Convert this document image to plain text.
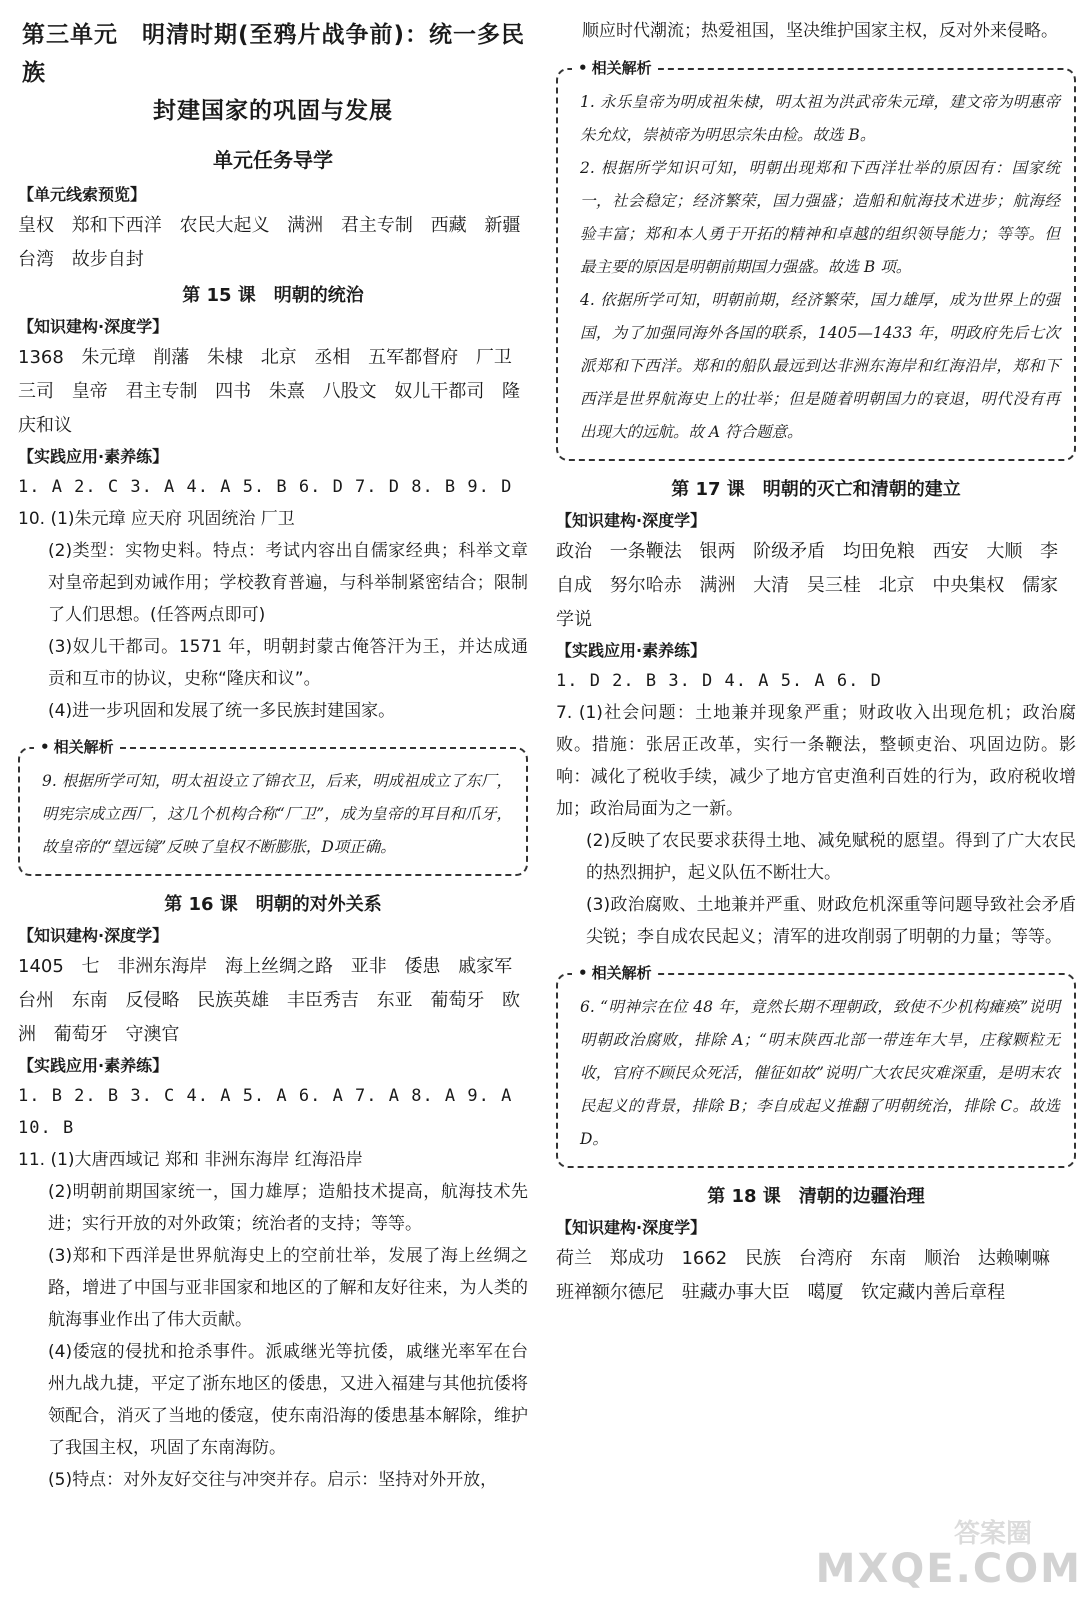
第三单元　明清时期(至鸦片战争前)：统一多民族
封建国家的巩固与发展
单元任务导学
【单元线索预览】
皇权 郑和下西洋 农民大起义 满洲 君主专制 西藏 新疆 台湾 故步自封
第 15 课　明朝的统治
【知识建构·深度学】
1368 朱元璋 削藩 朱棣 北京 丞相 五军都督府 厂卫 三司 皇帝 君主专制 四书 朱熹 八股文 奴儿干都司 隆庆和议
【实践应用·素养练】
1. A 2. C 3. A 4. A 5. B 6. D 7. D 8. B 9. D
10. (1)朱元璋 应天府 巩固统治 厂卫
(2)类型：实物史料。特点：考试内容出自儒家经典；科举文章对皇帝起到劝诫作用；学校教育普遍，与科举制紧密结合；限制了人们思想。(任答两点即可)
(3)奴儿干都司。1571 年，明朝封蒙古俺答汗为王，并达成通贡和互市的协议，史称“隆庆和议”。
(4)进一步巩固和发展了统一多民族封建国家。
• 相关解析

9. 根据所学可知，明太祖设立了锦衣卫，后来，明成祖成立了东厂，明宪宗成立西厂，这几个机构合称“厂卫”，成为皇帝的耳目和爪牙，故皇帝的“望远镜”反映了皇权不断膨胀，D项正确。

第 16 课　明朝的对外关系
【知识建构·深度学】
1405 七 非洲东海岸 海上丝绸之路 亚非 倭患 戚家军 台州 东南 反侵略 民族英雄 丰臣秀吉 东亚 葡萄牙 欧洲 葡萄牙 守澳官
【实践应用·素养练】
1. B 2. B 3. C 4. A 5. A 6. A 7. A 8. A 9. A
10. B
11. (1)大唐西域记 郑和 非洲东海岸 红海沿岸
(2)明朝前期国家统一，国力雄厚；造船技术提高，航海技术先进；实行开放的对外政策；统治者的支持；等等。
(3)郑和下西洋是世界航海史上的空前壮举，发展了海上丝绸之路，增进了中国与亚非国家和地区的了解和友好往来，为人类的航海事业作出了伟大贡献。
(4)倭寇的侵扰和抢杀事件。派戚继光等抗倭，戚继光率军在台州九战九捷，平定了浙东地区的倭患，又进入福建与其他抗倭将领配合，消灭了当地的倭寇，使东南沿海的倭患基本解除，维护了我国主权，巩固了东南海防。
(5)特点：对外友好交往与冲突并存。启示：坚持对外开放，
顺应时代潮流；热爱祖国，坚决维护国家主权，反对外来侵略。
• 相关解析

1. 永乐皇帝为明成祖朱棣，明太祖为洪武帝朱元璋，建文帝为明惠帝朱允炆，崇祯帝为明思宗朱由检。故选 B。

2. 根据所学知识可知，明朝出现郑和下西洋壮举的原因有：国家统一，社会稳定；经济繁荣，国力强盛；造船和航海技术进步；航海经验丰富；郑和本人勇于开拓的精神和卓越的组织领导能力；等等。但最主要的原因是明朝前期国力强盛。故选 B 项。

4. 依据所学可知，明朝前期，经济繁荣，国力雄厚，成为世界上的强国，为了加强同海外各国的联系，1405—1433 年，明政府先后七次派郑和下西洋。郑和的船队最远到达非洲东海岸和红海沿岸，郑和下西洋是世界航海史上的壮举；但是随着明朝国力的衰退，明代没有再出现大的远航。故 A 符合题意。

第 17 课　明朝的灭亡和清朝的建立
【知识建构·深度学】
政治 一条鞭法 银两 阶级矛盾 均田免粮 西安 大顺 李自成 努尔哈赤 满洲 大清 吴三桂 北京 中央集权 儒家学说
【实践应用·素养练】
1. D 2. B 3. D 4. A 5. A 6. D
7. (1)社会问题：土地兼并现象严重；财政收入出现危机；政治腐败。措施：张居正改革，实行一条鞭法，整顿吏治、巩固边防。影响：减化了税收手续，减少了地方官吏渔利百姓的行为，政府税收增加；政治局面为之一新。
(2)反映了农民要求获得土地、减免赋税的愿望。得到了广大农民的热烈拥护，起义队伍不断壮大。
(3)政治腐败、土地兼并严重、财政危机深重等问题导致社会矛盾尖锐；李自成农民起义；清军的进攻削弱了明朝的力量；等等。
• 相关解析

6. “明神宗在位 48 年，竟然长期不理朝政，致使不少机构瘫痪”说明明朝政治腐败，排除 A；“明末陕西北部一带连年大旱，庄稼颗粒无收，官府不顾民众死活，催征如故”说明广大农民灾难深重，是明末农民起义的背景，排除 B；李自成起义推翻了明朝统治，排除 C。故选 D。

第 18 课　清朝的边疆治理
【知识建构·深度学】
荷兰 郑成功 1662 民族 台湾府 东南 顺治 达赖喇嘛 班禅额尔德尼 驻藏办事大臣 噶厦 钦定藏内善后章程
答案圈
MXQE.COM
